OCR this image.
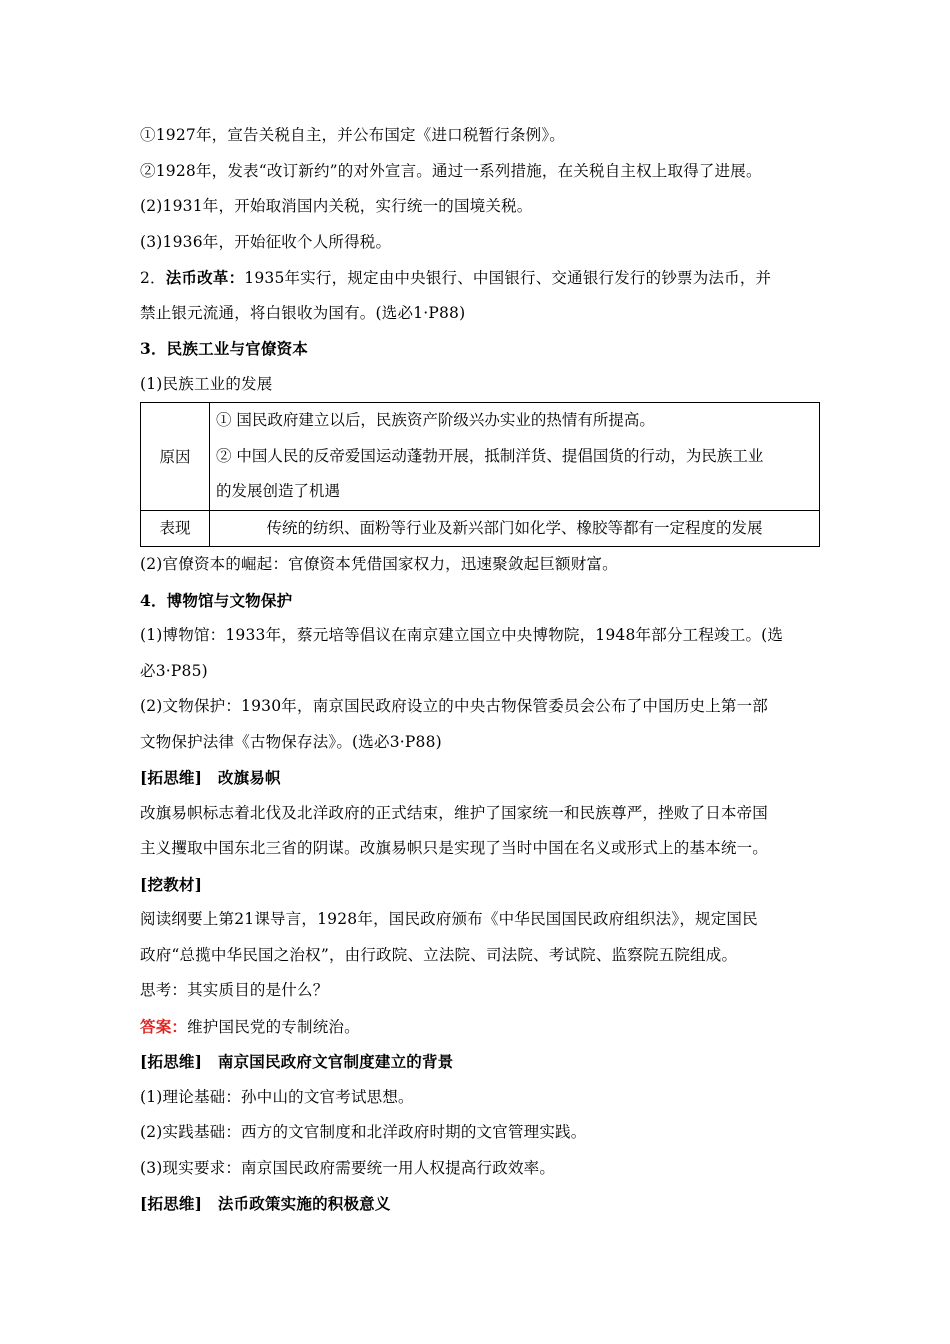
①1927年，宣告关税自主，并公布国定《进口税暂行条例》。
②1928年，发表“改订新约”的对外宣言。通过一系列措施，在关税自主权上取得了进展。
(2)1931年，开始取消国内关税，实行统一的国境关税。
(3)1936年，开始征收个人所得税。
2．法币改革：1935年实行，规定由中央银行、中国银行、交通银行发行的钞票为法币，并
禁止银元流通，将白银收为国有。(选必1·P88)
3．民族工业与官僚资本
(1)民族工业的发展
原因	① 国民政府建立以后，民族资产阶级兴办实业的热情有所提高。
② 中国人民的反帝爱国运动蓬勃开展，抵制洋货、提倡国货的行动，为民族工业
的发展创造了机遇

表现	传统的纺织、面粉等行业及新兴部门如化学、橡胶等都有一定程度的发展
(2)官僚资本的崛起：官僚资本凭借国家权力，迅速聚敛起巨额财富。
4．博物馆与文物保护
(1)博物馆：1933年，蔡元培等倡议在南京建立国立中央博物院，1948年部分工程竣工。(选
必3·P85)
(2)文物保护：1930年，南京国民政府设立的中央古物保管委员会公布了中国历史上第一部
文物保护法律《古物保存法》。(选必3·P88)
[拓思维]　改旗易帜
改旗易帜标志着北伐及北洋政府的正式结束，维护了国家统一和民族尊严，挫败了日本帝国
主义攫取中国东北三省的阴谋。改旗易帜只是实现了当时中国在名义或形式上的基本统一。
[挖教材]
阅读纲要上第21课导言，1928年，国民政府颁布《中华民国国民政府组织法》，规定国民
政府“总揽中华民国之治权”，由行政院、立法院、司法院、考试院、监察院五院组成。
思考：其实质目的是什么？
答案：维护国民党的专制统治。
[拓思维]　南京国民政府文官制度建立的背景
(1)理论基础：孙中山的文官考试思想。
(2)实践基础：西方的文官制度和北洋政府时期的文官管理实践。
(3)现实要求：南京国民政府需要统一用人权提高行政效率。
[拓思维]　法币政策实施的积极意义
